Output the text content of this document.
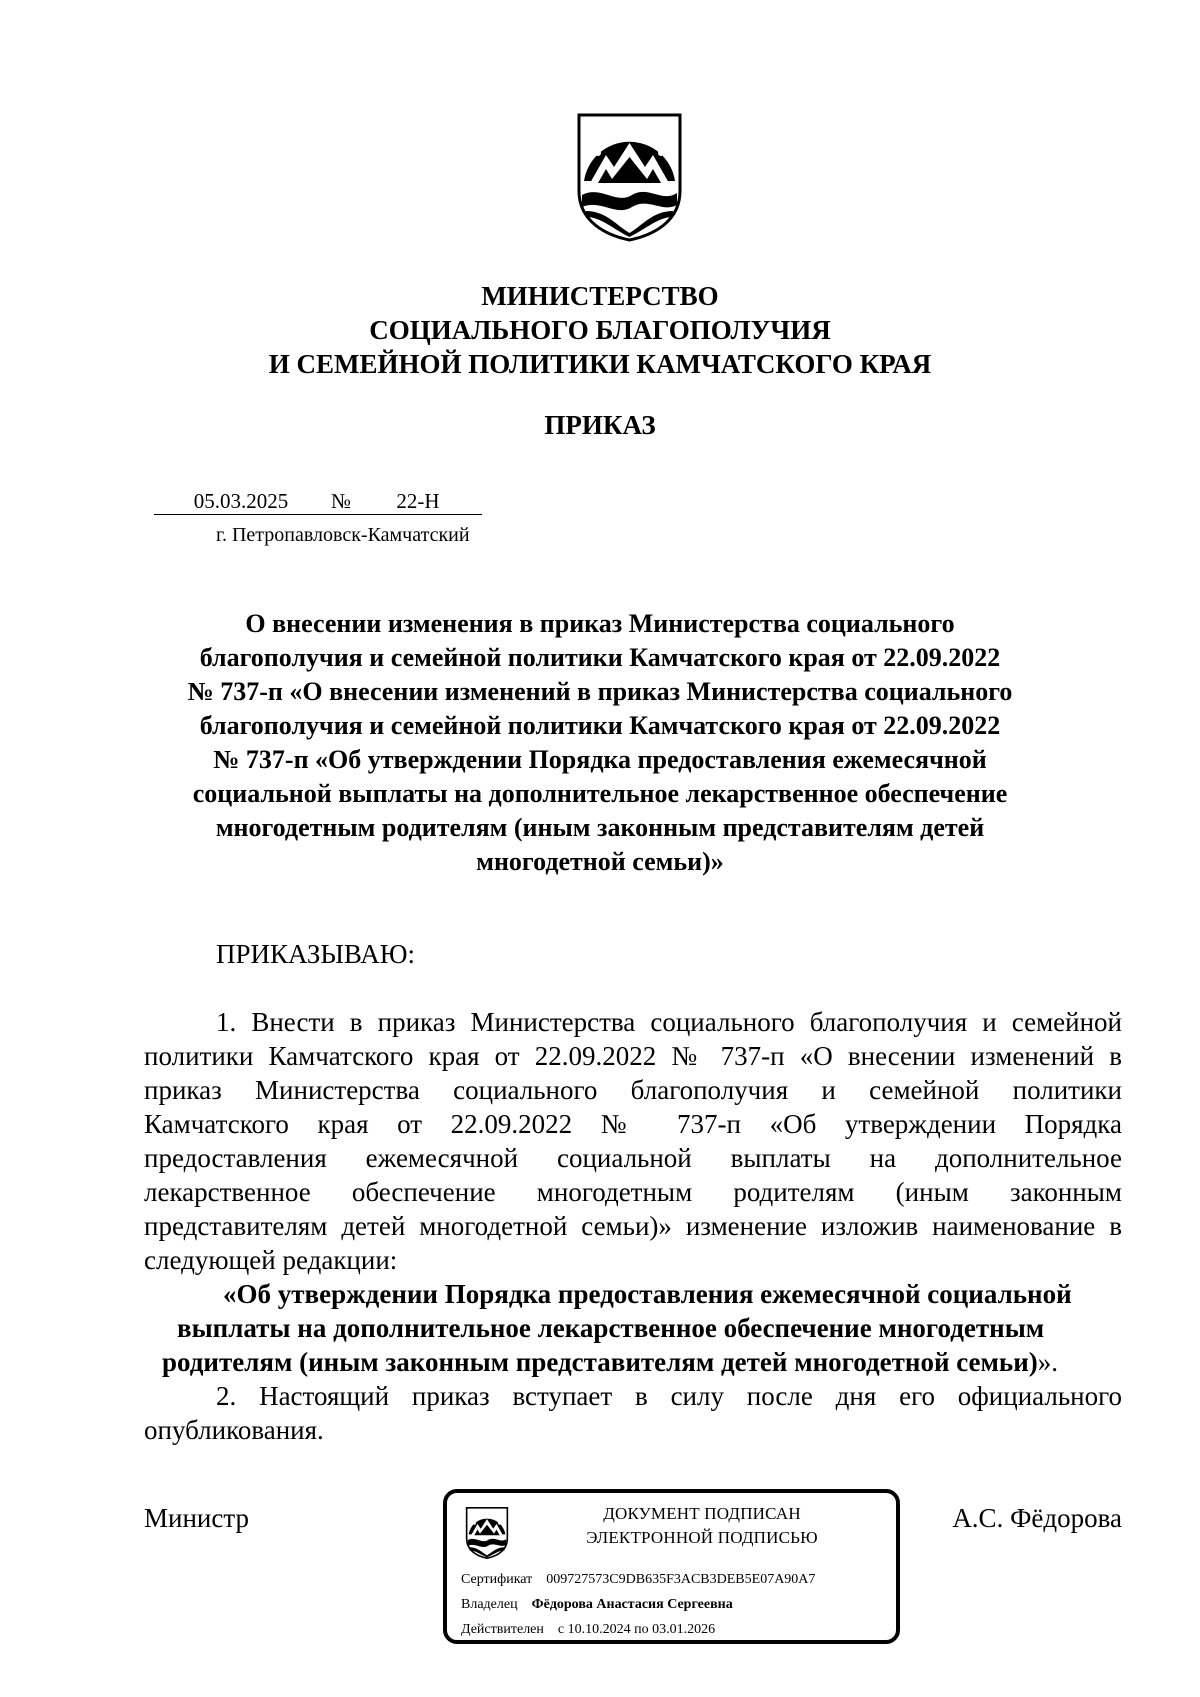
МИНИСТЕРСТВО
СОЦИАЛЬНОГО БЛАГОПОЛУЧИЯ
И СЕМЕЙНОЙ ПОЛИТИКИ КАМЧАТСКОГО КРАЯ
ПРИКАЗ
05.03.2025	№	22-Н
г. Петропавловск-Камчатский
О внесении изменения в приказ Министерства социального
благополучия и семейной политики Камчатского края от 22.09.2022
№ 737-п «О внесении изменений в приказ Министерства социального
благополучия и семейной политики Камчатского края от 22.09.2022
№ 737-п «Об утверждении Порядка предоставления ежемесячной
социальной выплаты на дополнительное лекарственное обеспечение
многодетным родителям (иным законным представителям детей
многодетной семьи)»
ПРИКАЗЫВАЮ:
1. Внести в приказ Министерства социального благополучия и семейной
политики Камчатского края от 22.09.2022 № 737-п «О внесении изменений в
приказ Министерства социального благополучия и семейной политики
Камчатского края от 22.09.2022 № 737-п «Об утверждении Порядка
предоставления ежемесячной социальной выплаты на дополнительное
лекарственное обеспечение многодетным родителям (иным законным
представителям детей многодетной семьи)» изменение изложив наименование в
следующей редакции:
«Об утверждении Порядка предоставления ежемесячной социальной
выплаты на дополнительное лекарственное обеспечение многодетным
родителям (иным законным представителям детей многодетной семьи)».
2. Настоящий приказ вступает в силу после дня его официального
опубликования.
Министр	А.С. Фёдорова
ДОКУМЕНТ ПОДПИСАН
ЭЛЕКТРОННОЙ ПОДПИСЬЮ
Сертификат 009727573C9DB635F3ACB3DEB5E07A90A7
Владелец Фёдорова Анастасия Сергеевна
Действителен с 10.10.2024 по 03.01.2026
